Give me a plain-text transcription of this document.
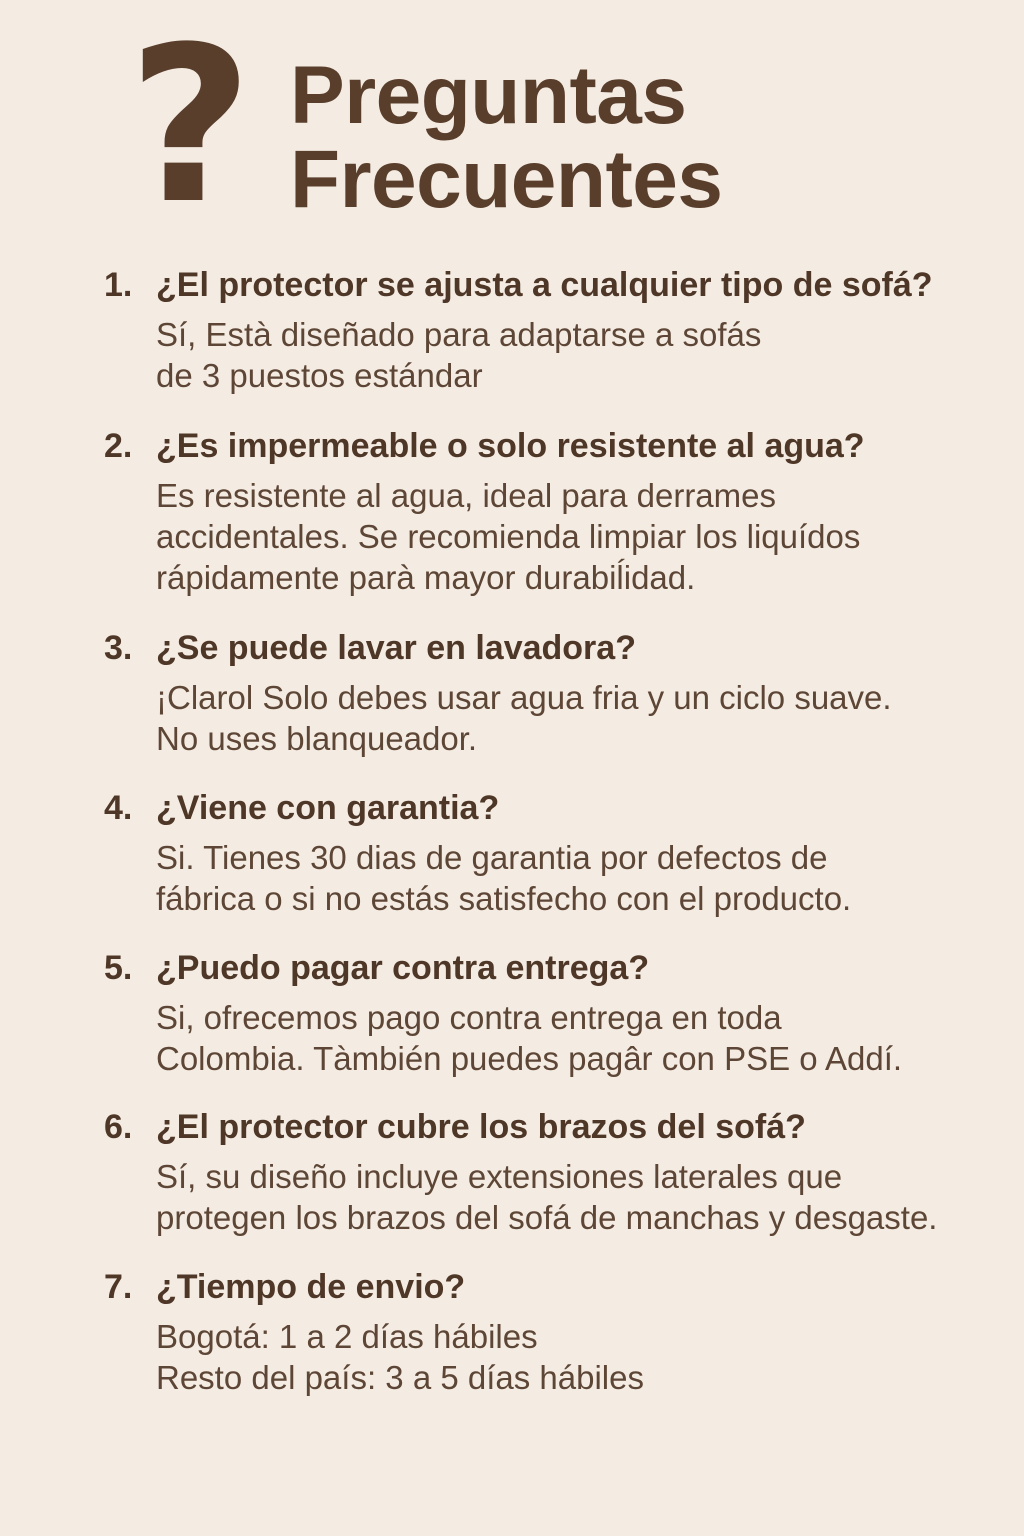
? Preguntas
Frecuentes
1. ¿El protector se ajusta a cualquier tipo de sofá?
Sí, Està diseñado para adaptarse a sofás
de 3 puestos estándar
2. ¿Es impermeable o solo resistente al agua?
Es resistente al agua, ideal para derrames
accidentales. Se recomienda limpiar los liquídos
rápidamente parà mayor durabiĺidad.
3. ¿Se puede lavar en lavadora?
¡Clarol Solo debes usar agua fria y un ciclo suave.
No uses blanqueador.
4. ¿Viene con garantia?
Si. Tienes 30 dias de garantia por defectos de
fábrica o si no estás satisfecho con el producto.
5. ¿Puedo pagar contra entrega?
Si, ofrecemos pago contra entrega en toda
Colombia. Tàmbién puedes pagâr con PSE o Addí.
6. ¿El protector cubre los brazos del sofá?
Sí, su diseño incluye extensiones laterales que
protegen los brazos del sofá de manchas y desgaste.
7. ¿Tiempo de envio?
Bogotá: 1 a 2 días hábiles
Resto del país: 3 a 5 días hábiles
